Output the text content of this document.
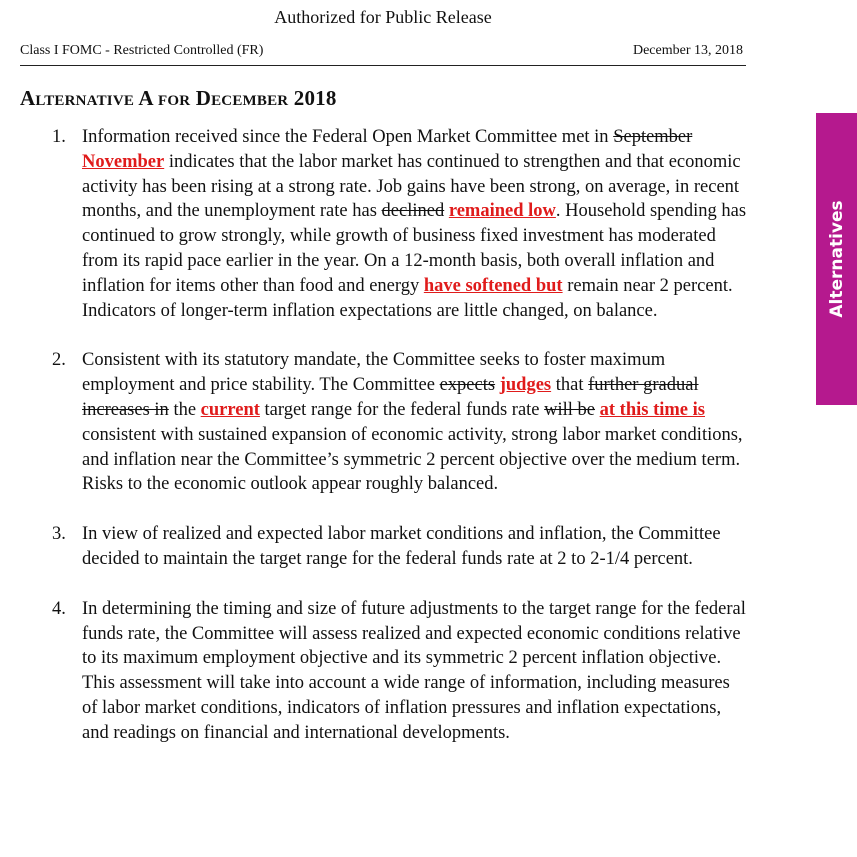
Authorized for Public Release
Class I FOMC - Restricted Controlled (FR)	December 13, 2018
Alternative A for December 2018
1. Information received since the Federal Open Market Committee met in September November indicates that the labor market has continued to strengthen and that economic activity has been rising at a strong rate. Job gains have been strong, on average, in recent months, and the unemployment rate has declined remained low. Household spending has continued to grow strongly, while growth of business fixed investment has moderated from its rapid pace earlier in the year. On a 12-month basis, both overall inflation and inflation for items other than food and energy have softened but remain near 2 percent. Indicators of longer-term inflation expectations are little changed, on balance.
2. Consistent with its statutory mandate, the Committee seeks to foster maximum employment and price stability. The Committee expects judges that further gradual increases in the current target range for the federal funds rate will be at this time is consistent with sustained expansion of economic activity, strong labor market conditions, and inflation near the Committee’s symmetric 2 percent objective over the medium term. Risks to the economic outlook appear roughly balanced.
3. In view of realized and expected labor market conditions and inflation, the Committee decided to maintain the target range for the federal funds rate at 2 to 2-1/4 percent.
4. In determining the timing and size of future adjustments to the target range for the federal funds rate, the Committee will assess realized and expected economic conditions relative to its maximum employment objective and its symmetric 2 percent inflation objective. This assessment will take into account a wide range of information, including measures of labor market conditions, indicators of inflation pressures and inflation expectations, and readings on financial and international developments.
Alternatives
